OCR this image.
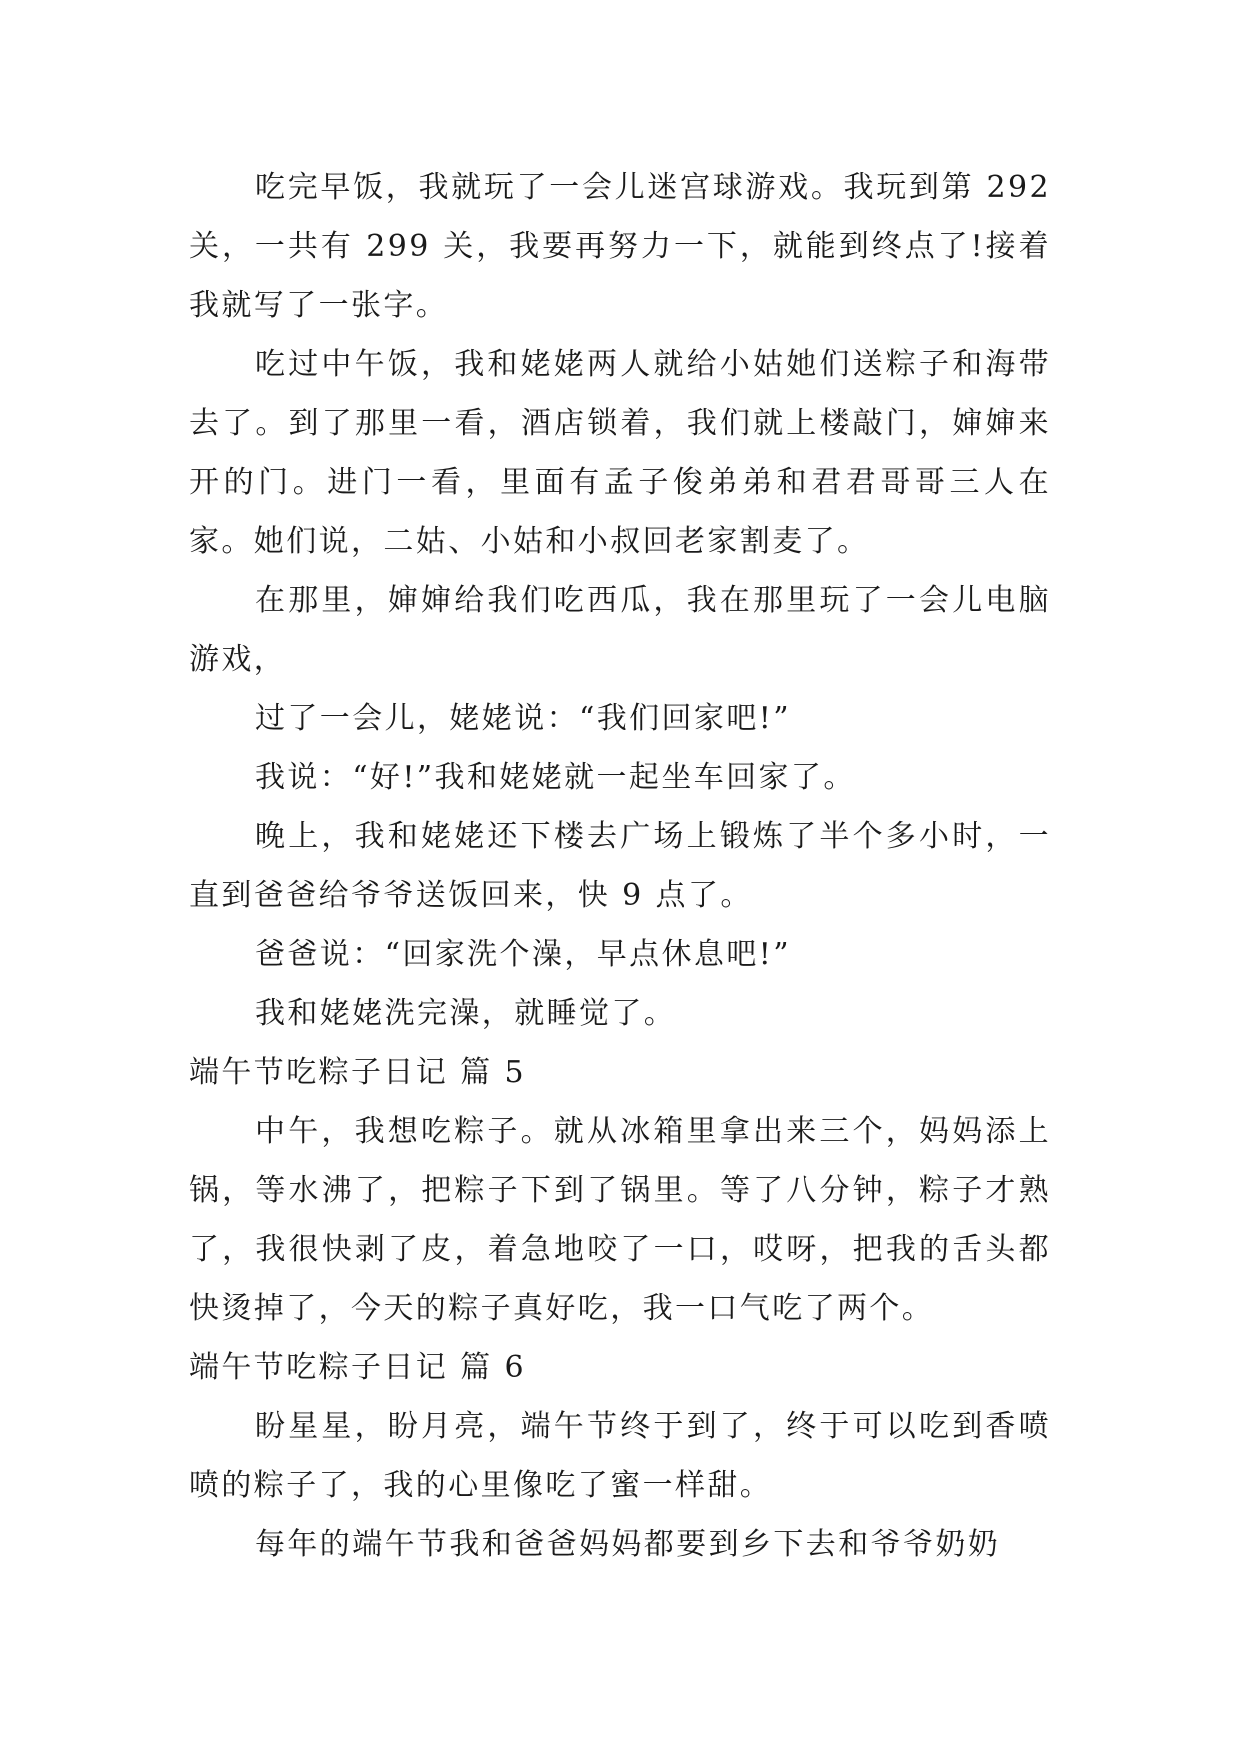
吃完早饭，我就玩了一会儿迷宫球游戏。我玩到第 292 关，一共有 299 关，我要再努力一下，就能到终点了!接着我就写了一张字。

吃过中午饭，我和姥姥两人就给小姑她们送粽子和海带去了。到了那里一看，酒店锁着，我们就上楼敲门，婶婶来开的门。进门一看，里面有孟子俊弟弟和君君哥哥三人在家。她们说，二姑、小姑和小叔回老家割麦了。

在那里，婶婶给我们吃西瓜，我在那里玩了一会儿电脑游戏，

过了一会儿，姥姥说：“我们回家吧!”

我说：“好!”我和姥姥就一起坐车回家了。

晚上，我和姥姥还下楼去广场上锻炼了半个多小时，一直到爸爸给爷爷送饭回来，快 9 点了。

爸爸说：“回家洗个澡，早点休息吧!”

我和姥姥洗完澡，就睡觉了。

端午节吃粽子日记 篇 5

中午，我想吃粽子。就从冰箱里拿出来三个，妈妈添上锅，等水沸了，把粽子下到了锅里。等了八分钟，粽子才熟了，我很快剥了皮，着急地咬了一口，哎呀，把我的舌头都快烫掉了，今天的粽子真好吃，我一口气吃了两个。

端午节吃粽子日记 篇 6

盼星星，盼月亮，端午节终于到了，终于可以吃到香喷喷的粽子了，我的心里像吃了蜜一样甜。

每年的端午节我和爸爸妈妈都要到乡下去和爷爷奶奶
